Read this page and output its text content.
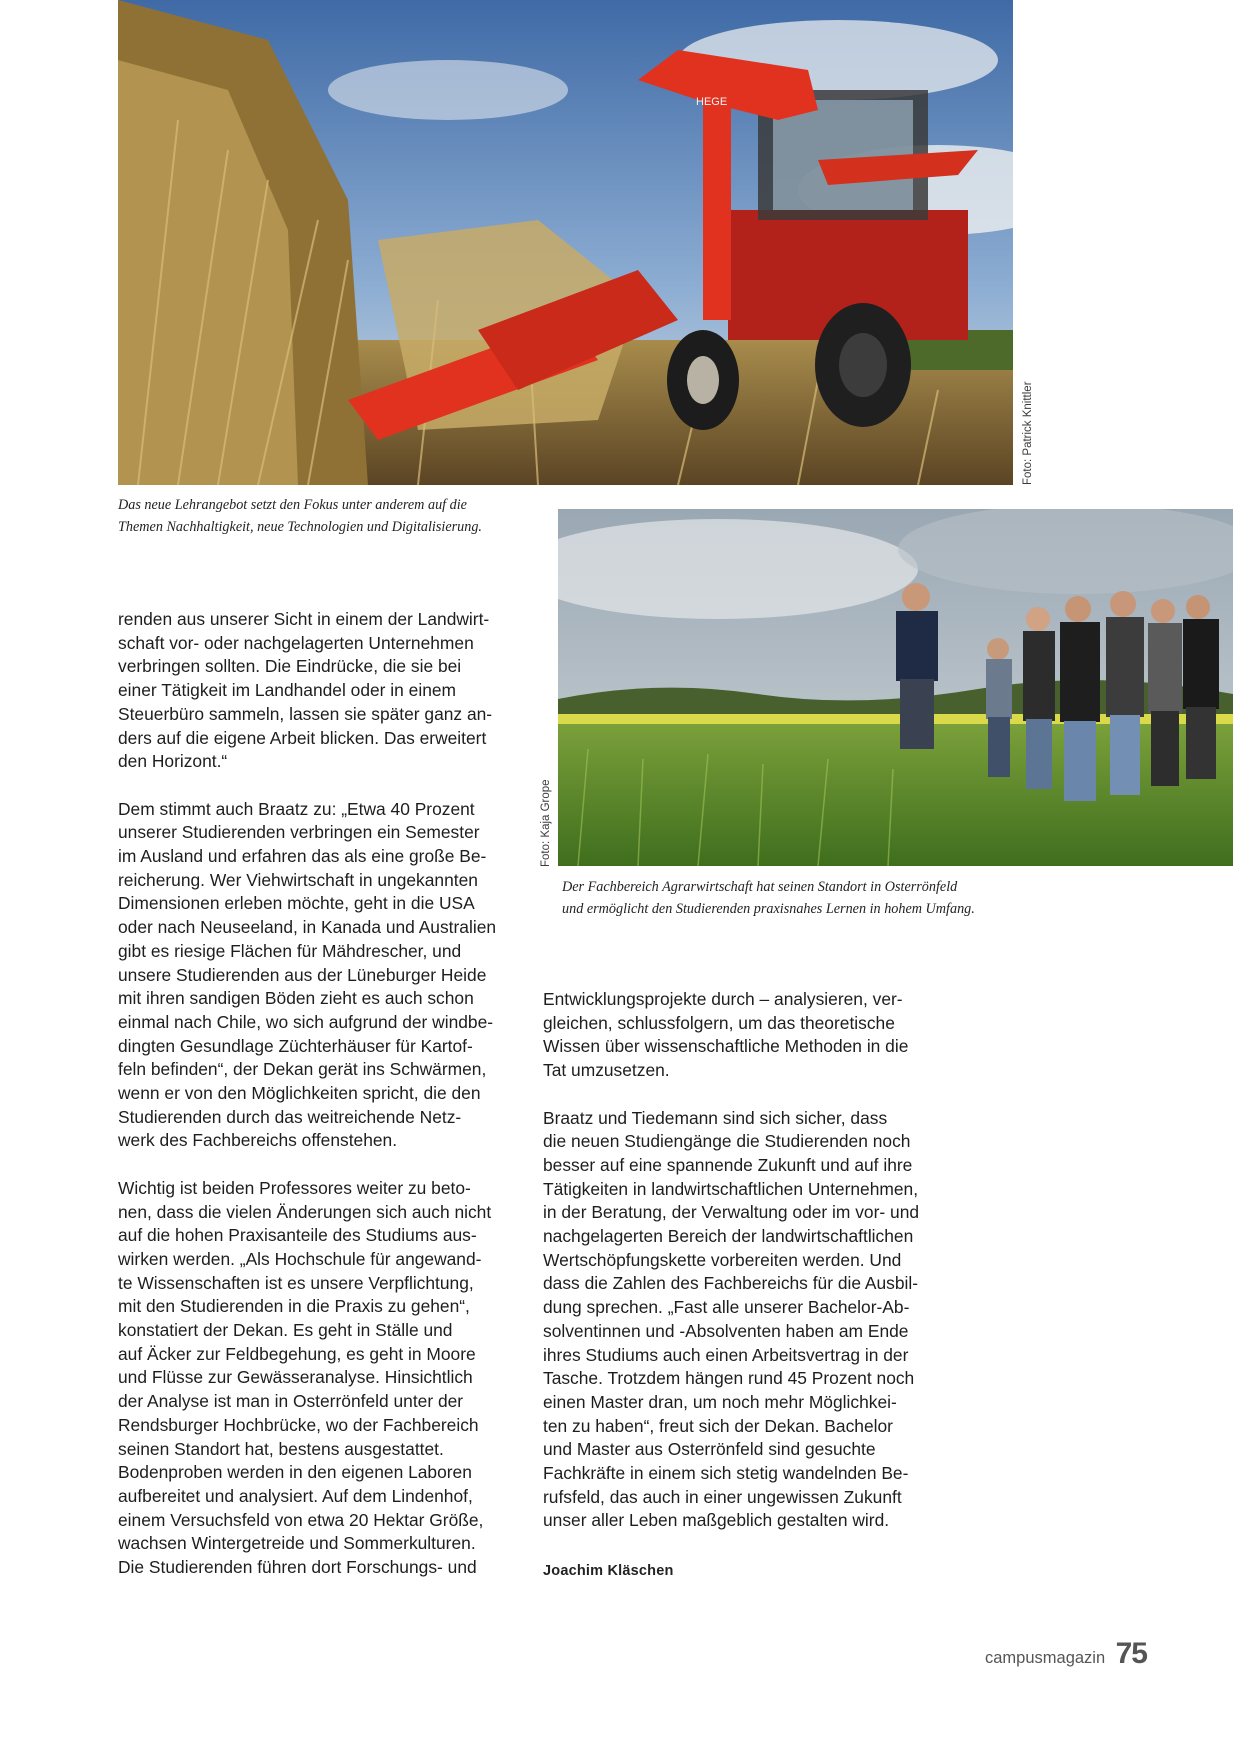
HEGE
Foto: Patrick Knittler
Das neue Lehrangebot setzt den Fokus unter anderem auf die
Themen Nachhaltigkeit, neue Technologien und Digitalisierung.
Foto: Kaja Grope
Der Fachbereich Agrarwirtschaft hat seinen Standort in Osterrönfeld
und ermöglicht den Studierenden praxisnahes Lernen in hohem Umfang.

renden aus unserer Sicht in einem der Landwirt-
schaft vor- oder nachgelagerten Unternehmen
verbringen sollten. Die Eindrücke, die sie bei
einer Tätigkeit im Landhandel oder in einem
Steuerbüro sammeln, lassen sie später ganz an-
ders auf die eigene Arbeit blicken. Das erweitert
den Horizont.“

Dem stimmt auch Braatz zu: „Etwa 40 Prozent
unserer Studierenden verbringen ein Semester
im Ausland und erfahren das als eine große Be-
reicherung. Wer Viehwirtschaft in ungekannten
Dimensionen erleben möchte, geht in die USA
oder nach Neuseeland, in Kanada und Australien
gibt es riesige Flächen für Mähdrescher, und
unsere Studierenden aus der Lüneburger Heide
mit ihren sandigen Böden zieht es auch schon
einmal nach Chile, wo sich aufgrund der windbe-
dingten Gesundlage Züchterhäuser für Kartof-
feln befinden“, der Dekan gerät ins Schwärmen,
wenn er von den Möglichkeiten spricht, die den
Studierenden durch das weitreichende Netz-
werk des Fachbereichs offenstehen.

Wichtig ist beiden Professores weiter zu beto-
nen, dass die vielen Änderungen sich auch nicht
auf die hohen Praxisanteile des Studiums aus-
wirken werden. „Als Hochschule für angewand-
te Wissenschaften ist es unsere Verpflichtung,
mit den Studierenden in die Praxis zu gehen“,
konstatiert der Dekan. Es geht in Ställe und
auf Äcker zur Feldbegehung, es geht in Moore
und Flüsse zur Gewässeranalyse. Hinsichtlich
der Analyse ist man in Osterrönfeld unter der
Rendsburger Hochbrücke, wo der Fachbereich
seinen Standort hat, bestens ausgestattet.
Bodenproben werden in den eigenen Laboren
aufbereitet und analysiert. Auf dem Lindenhof,
einem Versuchsfeld von etwa 20 Hektar Größe,
wachsen Wintergetreide und Sommerkulturen.
Die Studierenden führen dort Forschungs- und

Entwicklungsprojekte durch – analysieren, ver-
gleichen, schlussfolgern, um das theoretische
Wissen über wissenschaftliche Methoden in die
Tat umzusetzen.

Braatz und Tiedemann sind sich sicher, dass
die neuen Studiengänge die Studierenden noch
besser auf eine spannende Zukunft und auf ihre
Tätigkeiten in landwirtschaftlichen Unternehmen,
in der Beratung, der Verwaltung oder im vor- und
nachgelagerten Bereich der landwirtschaftlichen
Wertschöpfungskette vorbereiten werden. Und
dass die Zahlen des Fachbereichs für die Ausbil-
dung sprechen. „Fast alle unserer Bachelor-Ab-
solventinnen und -Absolventen haben am Ende
ihres Studiums auch einen Arbeitsvertrag in der
Tasche. Trotzdem hängen rund 45 Prozent noch
einen Master dran, um noch mehr Möglichkei-
ten zu haben“, freut sich der Dekan. Bachelor
und Master aus Osterrönfeld sind gesuchte
Fachkräfte in einem sich stetig wandelnden Be-
rufsfeld, das auch in einer ungewissen Zukunft
unser aller Leben maßgeblich gestalten wird.

Joachim Kläschen
campusmagazin 75
